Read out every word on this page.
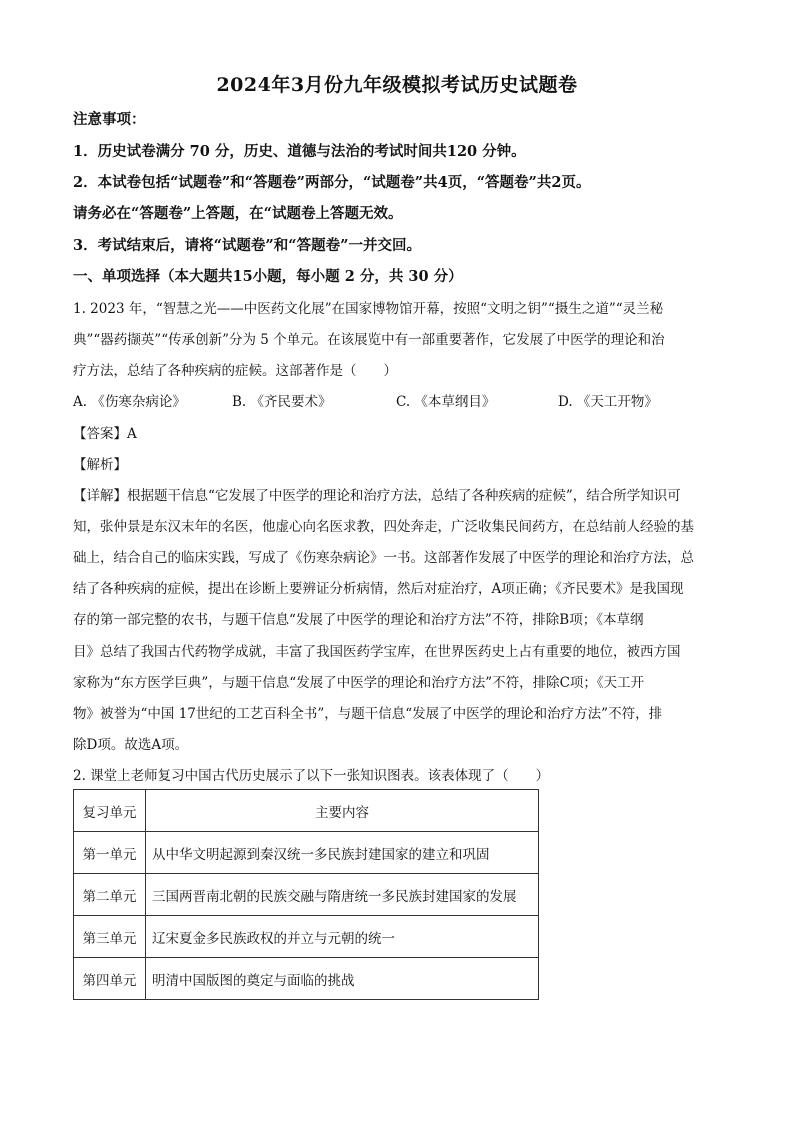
2024年3月份九年级模拟考试历史试题卷
注意事项：
1．历史试卷满分 70 分，历史、道德与法治的考试时间共120 分钟。
2．本试卷包括“试题卷”和“答题卷”两部分，“试题卷”共4页，“答题卷”共2页。
请务必在“答题卷”上答题，在“试题卷上答题无效。
3．考试结束后，请将“试题卷”和“答题卷”一并交回。
一、单项选择（本大题共15小题，每小题 2 分，共 30 分）
1. 2023 年，“智慧之光——中医药文化展”在国家博物馆开幕，按照“文明之钥”“摄生之道”“灵兰秘
典”“器药撷英”“传承创新”分为 5 个单元。在该展览中有一部重要著作，它发展了中医学的理论和治
疗方法，总结了各种疾病的症候。这部著作是（　　）
A. 《伤寒杂病论》	B. 《齐民要术》	C. 《本草纲目》	D. 《天工开物》
【答案】A
【解析】
【详解】根据题干信息“它发展了中医学的理论和治疗方法，总结了各种疾病的症候”，结合所学知识可
知，张仲景是东汉末年的名医，他虚心向名医求教，四处奔走，广泛收集民间药方，在总结前人经验的基
础上，结合自己的临床实践，写成了《伤寒杂病论》一书。这部著作发展了中医学的理论和治疗方法，总
结了各种疾病的症候，提出在诊断上要辨证分析病情，然后对症治疗，A项正确；《齐民要术》是我国现
存的第一部完整的农书，与题干信息“发展了中医学的理论和治疗方法”不符，排除B项；《本草纲
目》总结了我国古代药物学成就，丰富了我国医药学宝库，在世界医药史上占有重要的地位，被西方国
家称为“东方医学巨典”，与题干信息“发展了中医学的理论和治疗方法”不符，排除C项；《天工开
物》被誉为“中国 17世纪的工艺百科全书”，与题干信息“发展了中医学的理论和治疗方法”不符，排
除D项。故选A项。
2. 课堂上老师复习中国古代历史展示了以下一张知识图表。该表体现了（　　）
复习单元	主要内容
第一单元	从中华文明起源到秦汉统一多民族封建国家的建立和巩固
第二单元	三国两晋南北朝的民族交融与隋唐统一多民族封建国家的发展
第三单元	辽宋夏金多民族政权的并立与元朝的统一
第四单元	明清中国版图的奠定与面临的挑战
